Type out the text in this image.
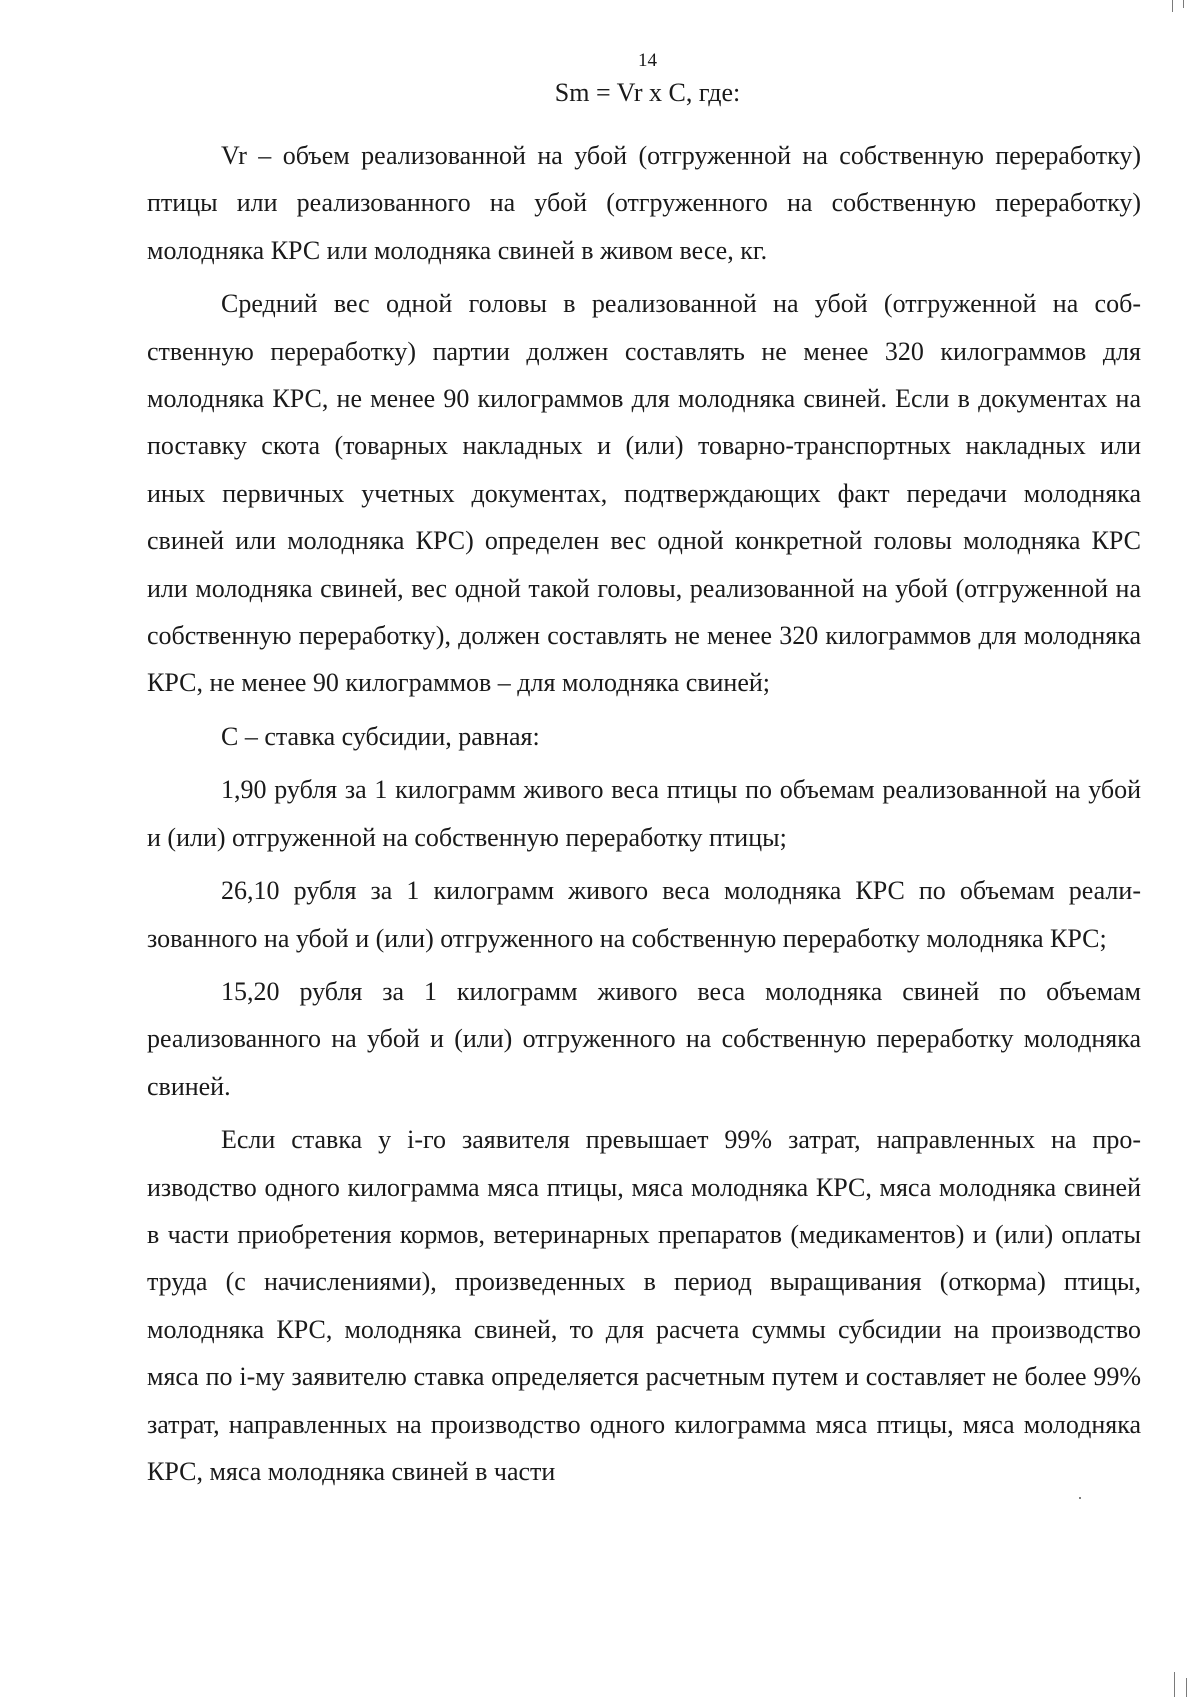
14
Sm = Vr x C, где:

Vr – объем реализованной на убой (отгруженной на собственную переработку) птицы или реализованного на убой (отгруженного на собственную переработку) молодняка КРС или молодняка свиней в живом весе, кг.

Средний вес одной головы в реализованной на убой (отгруженной на собственную переработку) партии должен составлять не менее 320 килограммов для молодняка КРС, не менее 90 килограммов для молодняка свиней. Если в документах на поставку скота (товарных накладных и (или) товарно-транспортных накладных или иных первичных учетных документах, подтверждающих факт передачи молодняка свиней или молодняка КРС) определен вес одной конкретной головы молодняка КРС или молодняка свиней, вес одной такой головы, реализованной на убой (отгруженной на собственную переработку), должен составлять не менее 320 килограммов для молодняка КРС, не менее 90 килограммов – для молодняка свиней;

С – ставка субсидии, равная:

1,90 рубля за 1 килограмм живого веса птицы по объемам реализованной на убой и (или) отгруженной на собственную переработку птицы;

26,10 рубля за 1 килограмм живого веса молодняка КРС по объемам реализованного на убой и (или) отгруженного на собственную переработку молодняка КРС;

15,20 рубля за 1 килограмм живого веса молодняка свиней по объемам реализованного на убой и (или) отгруженного на собственную переработку молодняка свиней.

Если ставка у i-го заявителя превышает 99% затрат, направленных на производство одного килограмма мяса птицы, мяса молодняка КРС, мяса молодняка свиней в части приобретения кормов, ветеринарных препаратов (медикаментов) и (или) оплаты труда (с начислениями), произведенных в период выращивания (откорма) птицы, молодняка КРС, молодняка свиней, то для расчета суммы субсидии на производство мяса по i-му заявителю ставка определяется расчетным путем и составляет не более 99% затрат, направленных на производство одного килограмма мяса птицы, мяса молодняка КРС, мяса молодняка свиней в части
